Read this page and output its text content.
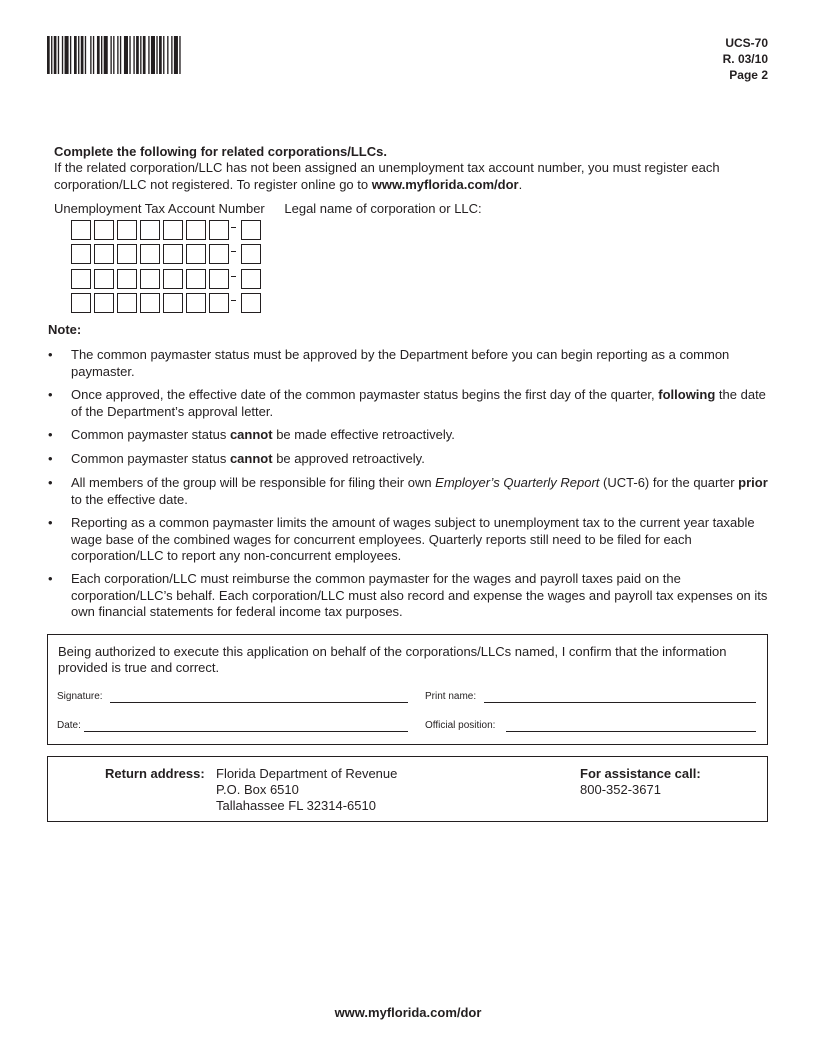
UCS-70
R. 03/10
Page 2
Complete the following for related corporations/LLCs.
If the related corporation/LLC has not been assigned an unemployment tax account number, you must register each corporation/LLC not registered. To register online go to www.myflorida.com/dor.
Unemployment Tax Account Number Legal name of corporation or LLC:
Note:
• The common paymaster status must be approved by the Department before you can begin reporting as a common paymaster.
• Once approved, the effective date of the common paymaster status begins the first day of the quarter, following the date of the Department’s approval letter.
• Common paymaster status cannot be made effective retroactively.
• Common paymaster status cannot be approved retroactively.
• All members of the group will be responsible for filing their own Employer’s Quarterly Report (UCT-6) for the quarter prior to the effective date.
• Reporting as a common paymaster limits the amount of wages subject to unemployment tax to the current year taxable wage base of the combined wages for concurrent employees. Quarterly reports still need to be filed for each corporation/LLC to report any non-concurrent employees.
• Each corporation/LLC must reimburse the common paymaster for the wages and payroll taxes paid on the corporation/LLC’s behalf. Each corporation/LLC must also record and expense the wages and payroll tax expenses on its own financial statements for federal income tax purposes.
Being authorized to execute this application on behalf of the corporations/LLCs named, I confirm that the information provided is true and correct.
Signature:	Print name:
Date:	Official position:
Return address: Florida Department of Revenue
P.O. Box 6510
Tallahassee FL 32314-6510
For assistance call:
800-352-3671
www.myflorida.com/dor
